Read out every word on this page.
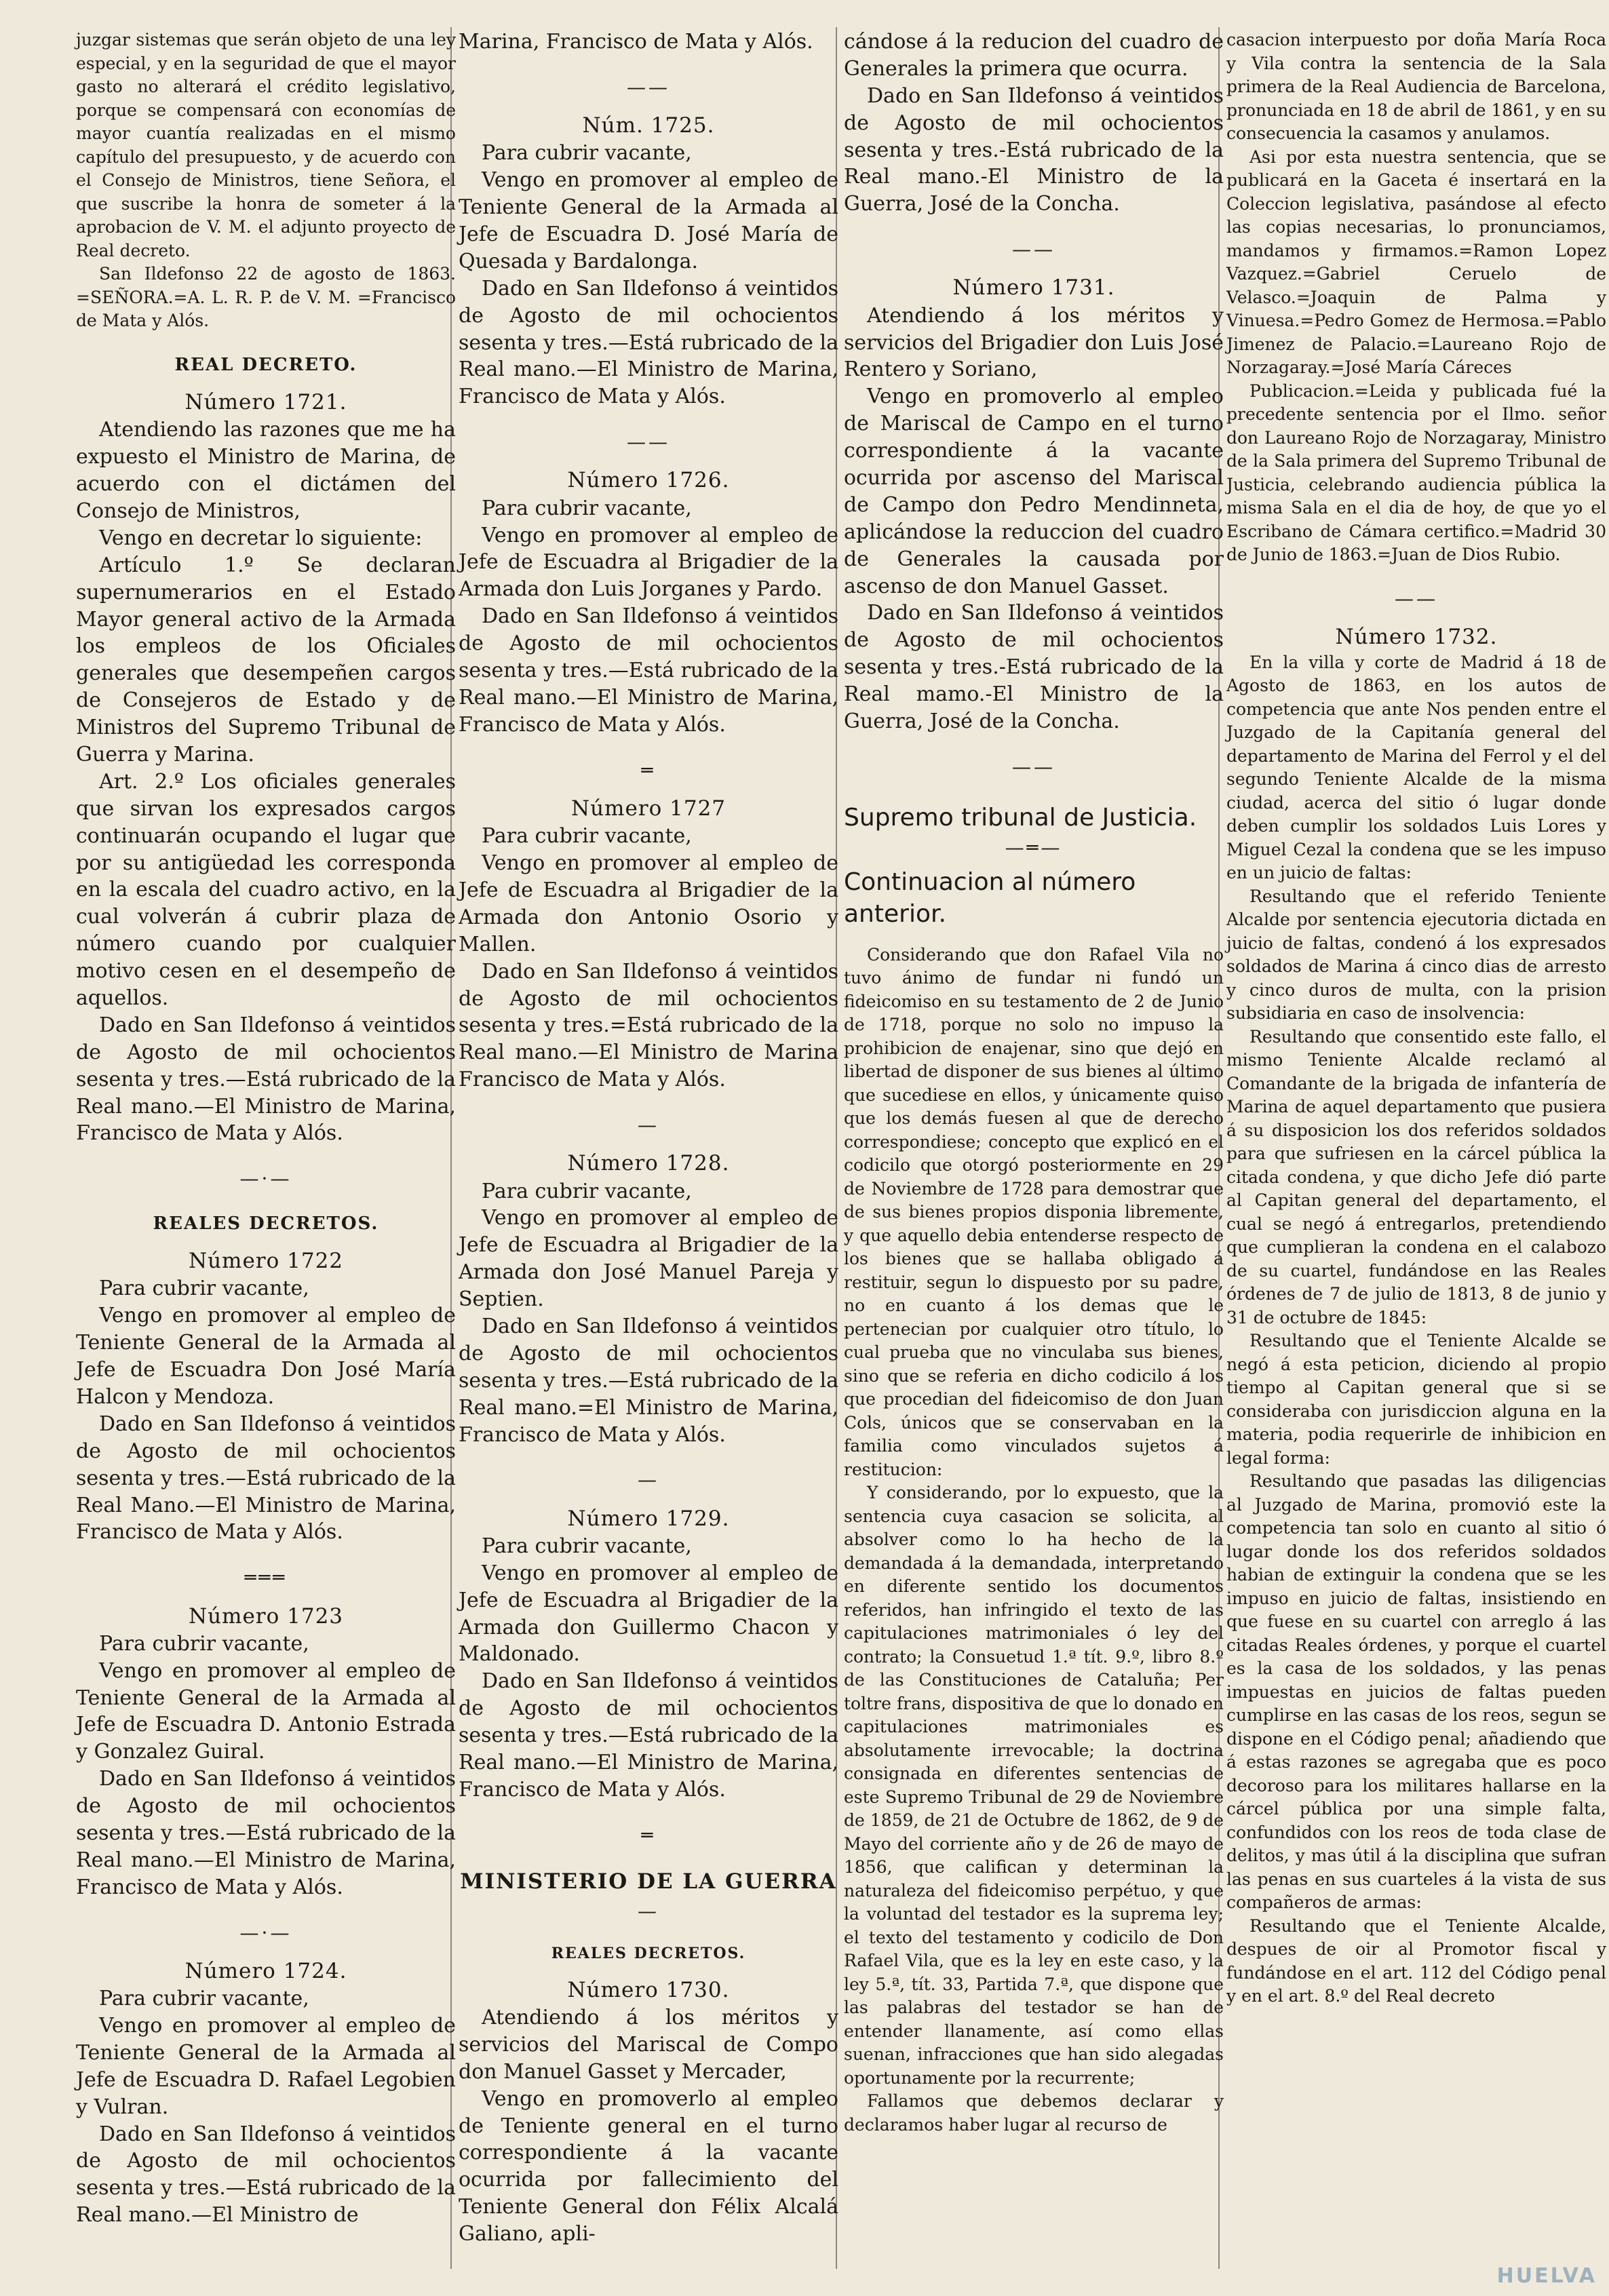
juzgar sistemas que serán objeto de una ley especial, y en la seguridad de que el mayor gasto no alterará el crédito legislativo, porque se compensará con economías de mayor cuantía realizadas en el mismo capítulo del presupuesto, y de acuerdo con el Consejo de Ministros, tiene Señora, el que suscribe la honra de someter á la aprobacion de V. M. el adjunto proyecto de Real decreto.

San Ildefonso 22 de agosto de 1863. =SEÑORA.=A. L. R. P. de V. M. =Francisco de Mata y Alós.

REAL DECRETO.

Número 1721.

Atendiendo las razones que me ha expuesto el Ministro de Marina, de acuerdo con el dictámen del Consejo de Ministros,

Vengo en decretar lo siguiente:

Artículo 1.º Se declaran supernumerarios en el Estado Mayor general activo de la Armada los empleos de los Oficiales generales que desempeñen cargos de Consejeros de Estado y de Ministros del Supremo Tribunal de Guerra y Marina.

Art. 2.º Los oficiales generales que sirvan los expresados cargos continuarán ocupando el lugar que por su antigüedad les corresponda en la escala del cuadro activo, en la cual volverán á cubrir plaza de número cuando por cualquier motivo cesen en el desempeño de aquellos.

Dado en San Ildefonso á veintidos de Agosto de mil ochocientos sesenta y tres.—Está rubricado de la Real mano.—El Ministro de Marina, Francisco de Mata y Alós.

—·—

REALES DECRETOS.

Número 1722

Para cubrir vacante,

Vengo en promover al empleo de Teniente General de la Armada al Jefe de Escuadra Don José María Halcon y Mendoza.

Dado en San Ildefonso á veintidos de Agosto de mil ochocientos sesenta y tres.—Está rubricado de la Real Mano.—El Ministro de Marina, Francisco de Mata y Alós.

═══

Número 1723

Para cubrir vacante,

Vengo en promover al empleo de Teniente General de la Armada al Jefe de Escuadra D. Antonio Estrada y Gonzalez Guiral.

Dado en San Ildefonso á veintidos de Agosto de mil ochocientos sesenta y tres.—Está rubricado de la Real mano.—El Ministro de Marina, Francisco de Mata y Alós.

—·—

Número 1724.

Para cubrir vacante,

Vengo en promover al empleo de Teniente General de la Armada al Jefe de Escuadra D. Rafael Legobien y Vulran.

Dado en San Ildefonso á veintidos de Agosto de mil ochocientos sesenta y tres.—Está rubricado de la Real mano.—El Ministro de

Marina, Francisco de Mata y Alós.

——

Núm. 1725.

Para cubrir vacante,

Vengo en promover al empleo de Teniente General de la Armada al Jefe de Escuadra D. José María de Quesada y Bardalonga.

Dado en San Ildefonso á veintidos de Agosto de mil ochocientos sesenta y tres.—Está rubricado de la Real mano.—El Ministro de Marina, Francisco de Mata y Alós.

——

Número 1726.

Para cubrir vacante,

Vengo en promover al empleo de Jefe de Escuadra al Brigadier de la Armada don Luis Jorganes y Pardo.

Dado en San Ildefonso á veintidos de Agosto de mil ochocientos sesenta y tres.—Está rubricado de la Real mano.—El Ministro de Marina, Francisco de Mata y Alós.

═

Número 1727

Para cubrir vacante,

Vengo en promover al empleo de Jefe de Escuadra al Brigadier de la Armada don Antonio Osorio y Mallen.

Dado en San Ildefonso á veintidos de Agosto de mil ochocientos sesenta y tres.=Está rubricado de la Real mano.—El Ministro de Marina Francisco de Mata y Alós.

—

Número 1728.

Para cubrir vacante,

Vengo en promover al empleo de Jefe de Escuadra al Brigadier de la Armada don José Manuel Pareja y Septien.

Dado en San Ildefonso á veintidos de Agosto de mil ochocientos sesenta y tres.—Está rubricado de la Real mano.=El Ministro de Marina, Francisco de Mata y Alós.

—

Número 1729.

Para cubrir vacante,

Vengo en promover al empleo de Jefe de Escuadra al Brigadier de la Armada don Guillermo Chacon y Maldonado.

Dado en San Ildefonso á veintidos de Agosto de mil ochocientos sesenta y tres.—Está rubricado de la Real mano.—El Ministro de Marina, Francisco de Mata y Alós.

═

MINISTERIO DE LA GUERRA

—

REALES DECRETOS.

Número 1730.

Atendiendo á los méritos y servicios del Mariscal de Compo don Manuel Gasset y Mercader,

Vengo en promoverlo al empleo de Teniente general en el turno correspondiente á la vacante ocurrida por fallecimiento del Teniente General don Félix Alcalá Galiano, apli-

cándose á la reducion del cuadro de Generales la primera que ocurra.

Dado en San Ildefonso á veintidos de Agosto de mil ochocientos sesenta y tres.-Está rubricado de la Real mano.-El Ministro de la Guerra, José de la Concha.

——

Número 1731.

Atendiendo á los méritos y servicios del Brigadier don Luis José Rentero y Soriano,

Vengo en promoverlo al empleo de Mariscal de Campo en el turno correspondiente á la vacante ocurrida por ascenso del Mariscal de Campo don Pedro Mendinneta, aplicándose la reduccion del cuadro de Generales la causada por ascenso de don Manuel Gasset.

Dado en San Ildefonso á veintidos de Agosto de mil ochocientos sesenta y tres.-Está rubricado de la Real mamo.-El Ministro de la Guerra, José de la Concha.

——

Supremo tribunal de Justicia.

—═—

Continuacion al número anterior.

Considerando que don Rafael Vila no tuvo ánimo de fundar ni fundó un fideicomiso en su testamento de 2 de Junio de 1718, porque no solo no impuso la prohibicion de enajenar, sino que dejó en libertad de disponer de sus bienes al último que sucediese en ellos, y únicamente quiso que los demás fuesen al que de derecho correspondiese; concepto que explicó en el codicilo que otorgó posteriormente en 29 de Noviembre de 1728 para demostrar que de sus bienes propios disponia libremente, y que aquello debia entenderse respecto de los bienes que se hallaba obligado á restituir, segun lo dispuesto por su padre, no en cuanto á los demas que le pertenecian por cualquier otro título, lo cual prueba que no vinculaba sus bienes, sino que se referia en dicho codicilo á los que procedian del fideicomiso de don Juan Cols, únicos que se conservaban en la familia como vinculados sujetos á restitucion:

Y considerando, por lo expuesto, que la sentencia cuya casacion se solicita, al absolver como lo ha hecho de la demandada á la demandada, interpretando en diferente sentido los documentos referidos, han infringido el texto de las capitulaciones matrimoniales ó ley del contrato; la Consuetud 1.ª tít. 9.º, libro 8.º de las Constituciones de Cataluña; Per toltre frans, dispositiva de que lo donado en capitulaciones matrimoniales es absolutamente irrevocable; la doctrina consignada en diferentes sentencias de este Supremo Tribunal de 29 de Noviembre de 1859, de 21 de Octubre de 1862, de 9 de Mayo del corriente año y de 26 de mayo de 1856, que califican y determinan la naturaleza del fideicomiso perpétuo, y que la voluntad del testador es la suprema ley; el texto del testamento y codicilo de Don Rafael Vila, que es la ley en este caso, y la ley 5.ª, tít. 33, Partida 7.ª, que dispone que las palabras del testador se han de entender llanamente, así como ellas suenan, infracciones que han sido alegadas oportunamente por la recurrente;

Fallamos que debemos declarar y declaramos haber lugar al recurso de

casacion interpuesto por doña María Roca y Vila contra la sentencia de la Sala primera de la Real Audiencia de Barcelona, pronunciada en 18 de abril de 1861, y en su consecuencia la casamos y anulamos.

Asi por esta nuestra sentencia, que se publicará en la Gaceta é insertará en la Coleccion legislativa, pasándose al efecto las copias necesarias, lo pronunciamos, mandamos y firmamos.=Ramon Lopez Vazquez.=Gabriel Ceruelo de Velasco.=Joaquin de Palma y Vinuesa.=Pedro Gomez de Hermosa.=Pablo Jimenez de Palacio.=Laureano Rojo de Norzagaray.=José María Cáreces

Publicacion.=Leida y publicada fué la precedente sentencia por el Ilmo. señor don Laureano Rojo de Norzagaray, Ministro de la Sala primera del Supremo Tribunal de Justicia, celebrando audiencia pública la misma Sala en el dia de hoy, de que yo el Escribano de Cámara certifico.=Madrid 30 de Junio de 1863.=Juan de Dios Rubio.

——

Número 1732.

En la villa y corte de Madrid á 18 de Agosto de 1863, en los autos de competencia que ante Nos penden entre el Juzgado de la Capitanía general del departamento de Marina del Ferrol y el del segundo Teniente Alcalde de la misma ciudad, acerca del sitio ó lugar donde deben cumplir los soldados Luis Lores y Miguel Cezal la condena que se les impuso en un juicio de faltas:

Resultando que el referido Teniente Alcalde por sentencia ejecutoria dictada en juicio de faltas, condenó á los expresados soldados de Marina á cinco dias de arresto y cinco duros de multa, con la prision subsidiaria en caso de insolvencia:

Resultando que consentido este fallo, el mismo Teniente Alcalde reclamó al Comandante de la brigada de infantería de Marina de aquel departamento que pusiera á su disposicion los dos referidos soldados para que sufriesen en la cárcel pública la citada condena, y que dicho Jefe dió parte al Capitan general del departamento, el cual se negó á entregarlos, pretendiendo que cumplieran la condena en el calabozo de su cuartel, fundándose en las Reales órdenes de 7 de julio de 1813, 8 de junio y 31 de octubre de 1845:

Resultando que el Teniente Alcalde se negó á esta peticion, diciendo al propio tiempo al Capitan general que si se consideraba con jurisdiccion alguna en la materia, podia requerirle de inhibicion en legal forma:

Resultando que pasadas las diligencias al Juzgado de Marina, promovió este la competencia tan solo en cuanto al sitio ó lugar donde los dos referidos soldados habian de extinguir la condena que se les impuso en juicio de faltas, insistiendo en que fuese en su cuartel con arreglo á las citadas Reales órdenes, y porque el cuartel es la casa de los soldados, y las penas impuestas en juicios de faltas pueden cumplirse en las casas de los reos, segun se dispone en el Código penal; añadiendo que á estas razones se agregaba que es poco decoroso para los militares hallarse en la cárcel pública por una simple falta, confundidos con los reos de toda clase de delitos, y mas útil á la disciplina que sufran las penas en sus cuarteles á la vista de sus compañeros de armas:

Resultando que el Teniente Alcalde, despues de oir al Promotor fiscal y fundándose en el art. 112 del Código penal y en el art. 8.º del Real decreto

HUELVA
